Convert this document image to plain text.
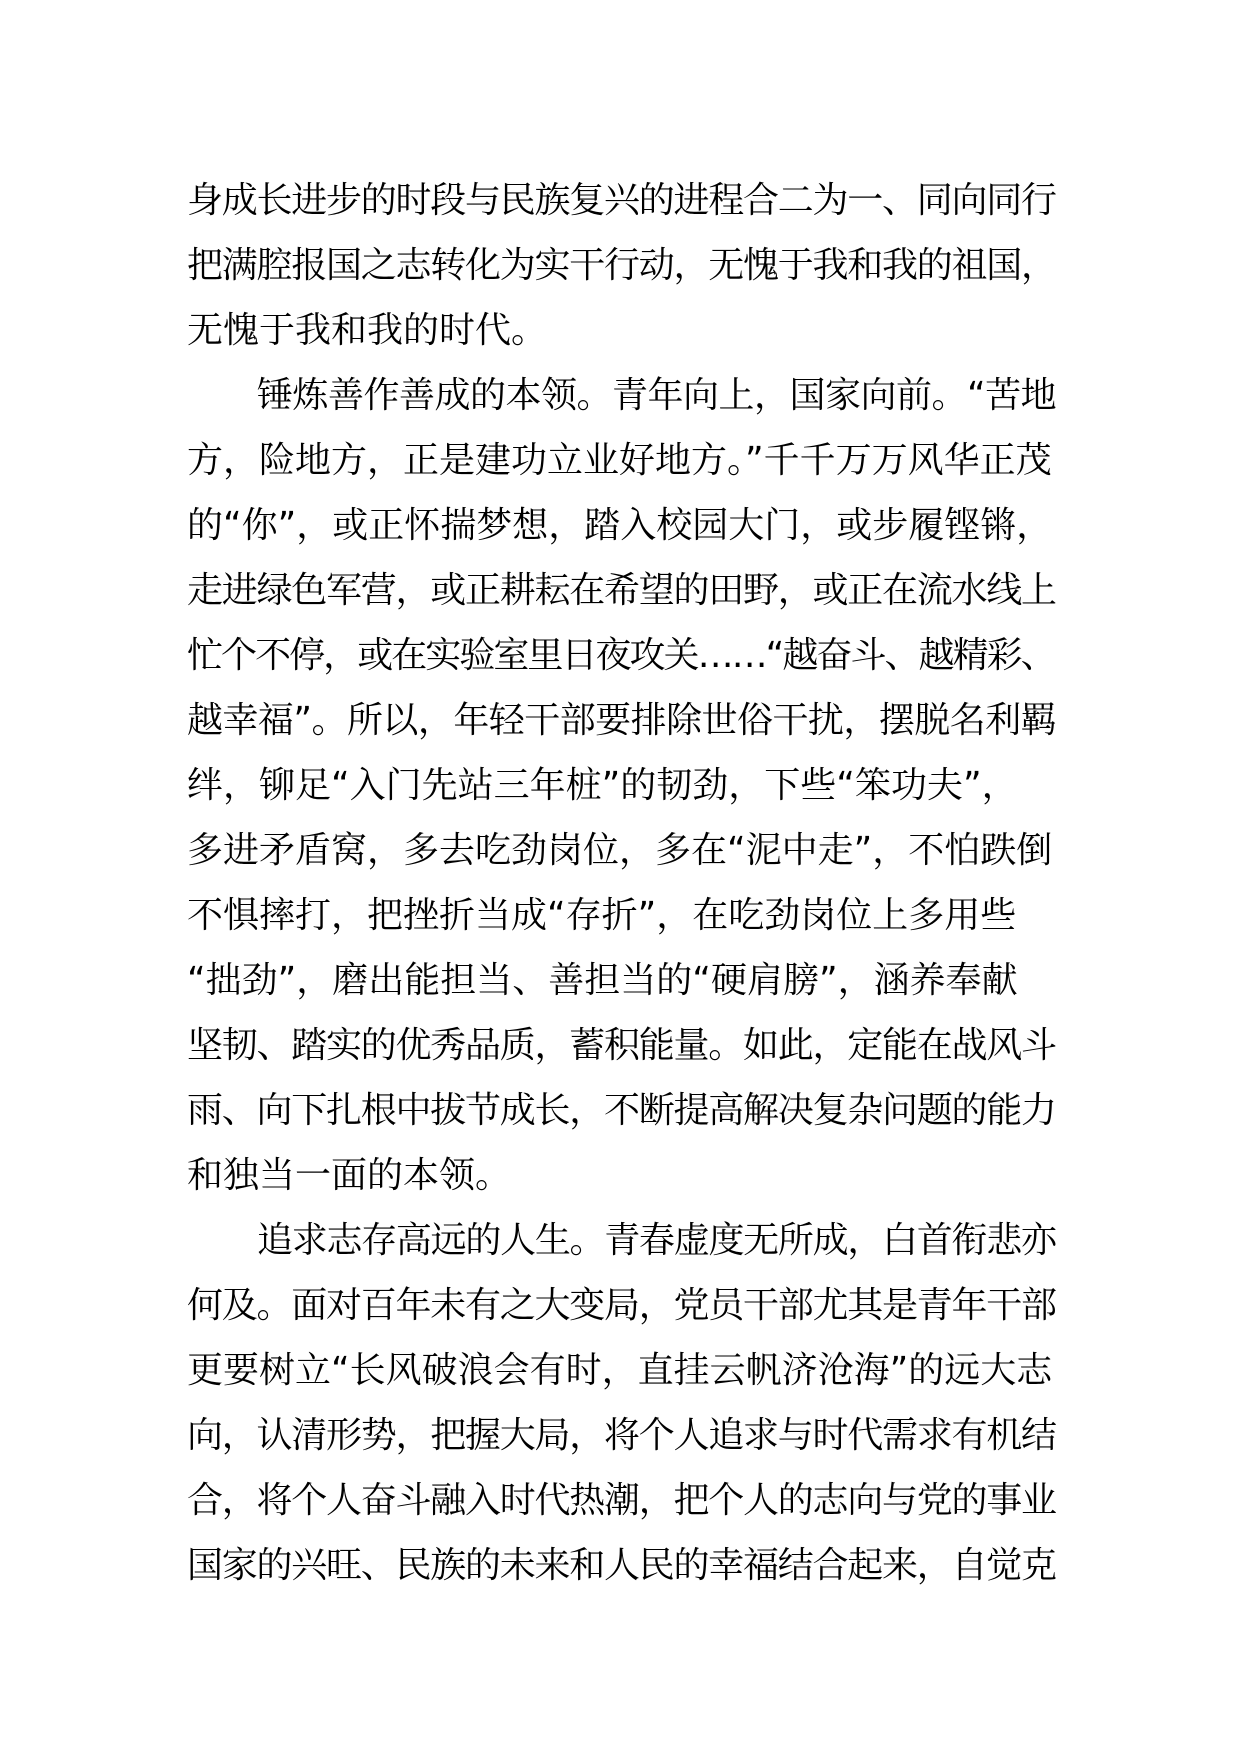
身成长进步的时段与民族复兴的进程合二为一、同向同行
把满腔报国之志转化为实干行动，无愧于我和我的祖国，
无愧于我和我的时代。
锤炼善作善成的本领。青年向上，国家向前。“苦地
方，险地方，正是建功立业好地方。”千千万万风华正茂
的“你”，或正怀揣梦想，踏入校园大门，或步履铿锵，
走进绿色军营，或正耕耘在希望的田野，或正在流水线上
忙个不停，或在实验室里日夜攻关……“越奋斗、越精彩、
越幸福”。所以，年轻干部要排除世俗干扰，摆脱名利羁
绊，铆足“入门先站三年桩”的韧劲，下些“笨功夫”，
多进矛盾窝，多去吃劲岗位，多在“泥中走”，不怕跌倒
不惧摔打，把挫折当成“存折”，在吃劲岗位上多用些
“拙劲”，磨出能担当、善担当的“硬肩膀”，涵养奉献
坚韧、踏实的优秀品质，蓄积能量。如此，定能在战风斗
雨、向下扎根中拔节成长，不断提高解决复杂问题的能力
和独当一面的本领。
追求志存高远的人生。青春虚度无所成，白首衔悲亦
何及。面对百年未有之大变局，党员干部尤其是青年干部
更要树立“长风破浪会有时，直挂云帆济沧海”的远大志
向，认清形势，把握大局，将个人追求与时代需求有机结
合，将个人奋斗融入时代热潮，把个人的志向与党的事业
国家的兴旺、民族的未来和人民的幸福结合起来，自觉克
